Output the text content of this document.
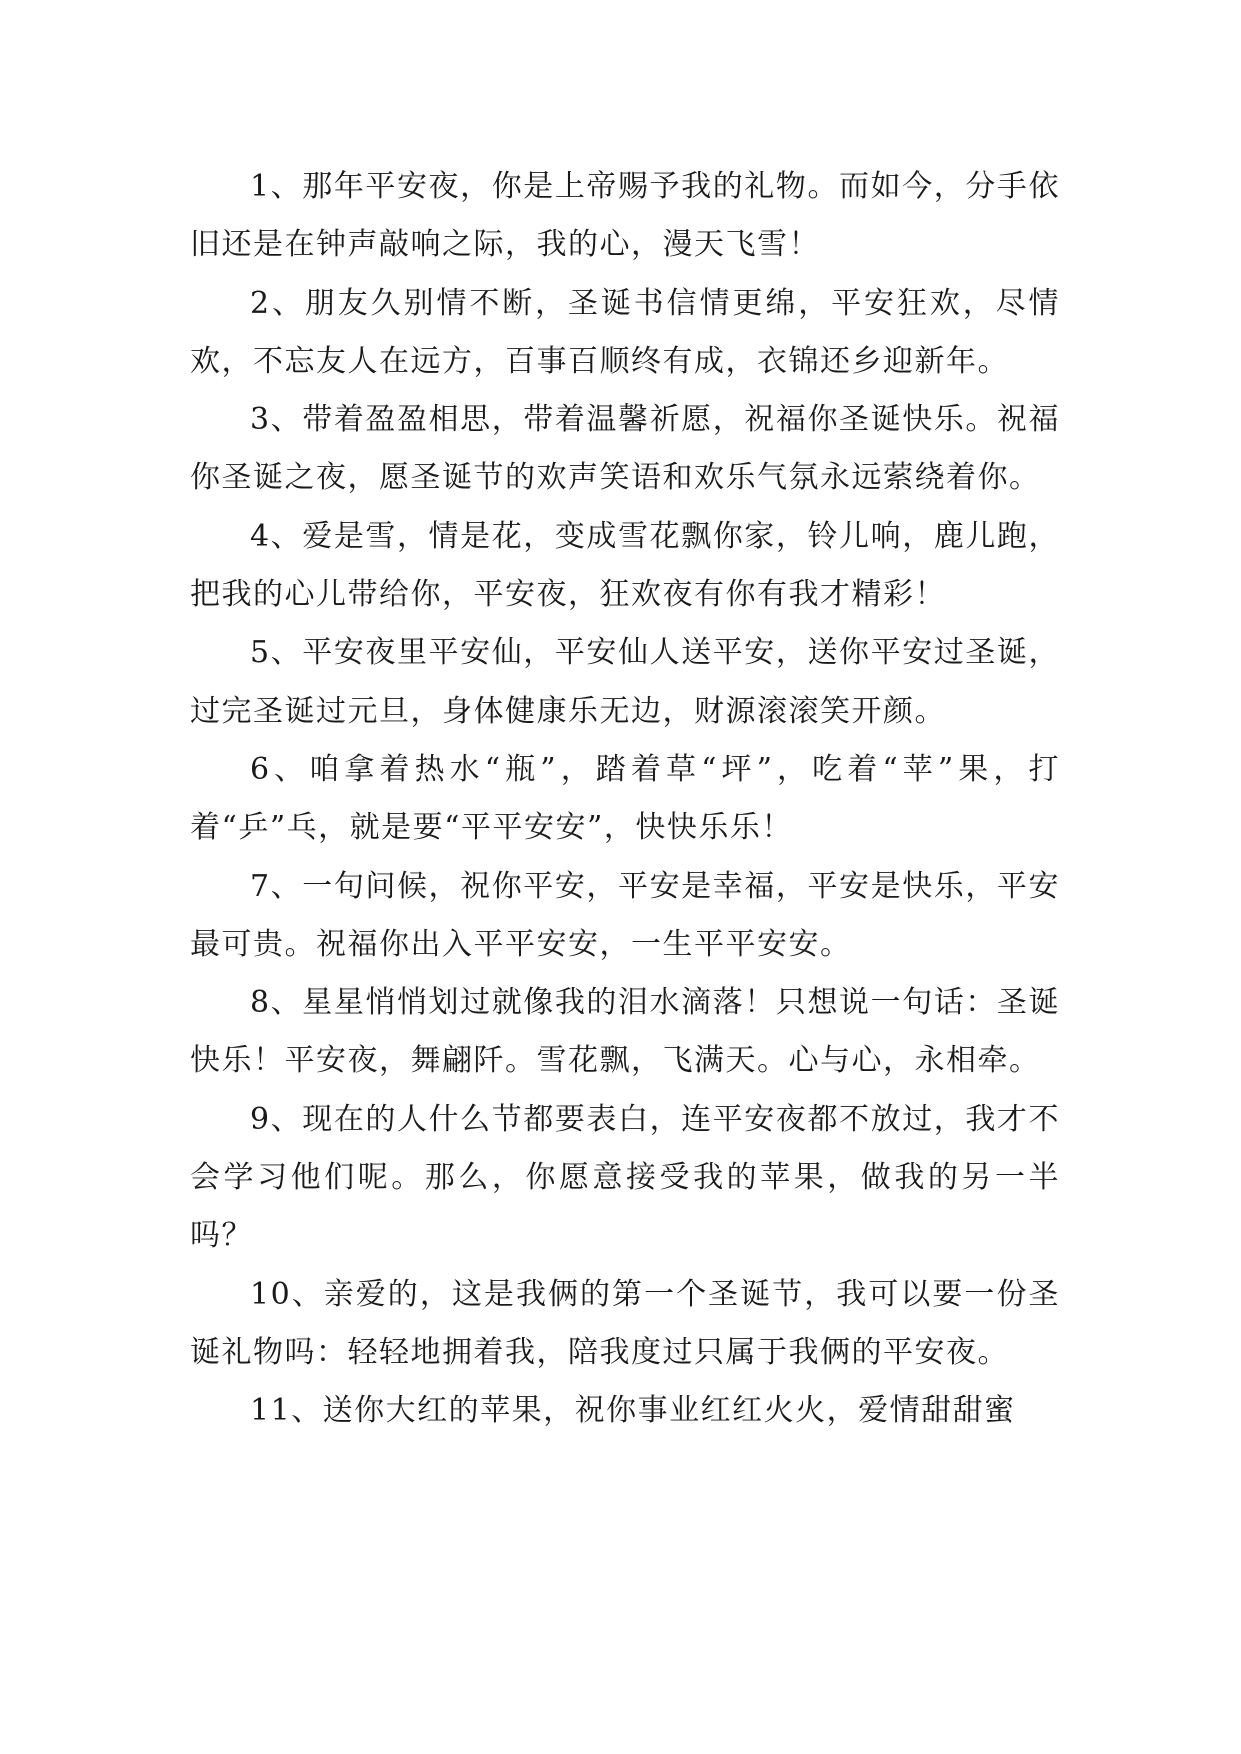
1、那年平安夜，你是上帝赐予我的礼物。而如今，分手依旧还是在钟声敲响之际，我的心，漫天飞雪！

2、朋友久别情不断，圣诞书信情更绵，平安狂欢，尽情欢，不忘友人在远方，百事百顺终有成，衣锦还乡迎新年。

3、带着盈盈相思，带着温馨祈愿，祝福你圣诞快乐。祝福你圣诞之夜，愿圣诞节的欢声笑语和欢乐气氛永远萦绕着你。

4、爱是雪，情是花，变成雪花飘你家，铃儿响，鹿儿跑，把我的心儿带给你，平安夜，狂欢夜有你有我才精彩！

5、平安夜里平安仙，平安仙人送平安，送你平安过圣诞，过完圣诞过元旦，身体健康乐无边，财源滚滚笑开颜。

6、咱拿着热水“瓶”，踏着草“坪”，吃着“苹”果，打着“乒”乓，就是要“平平安安”，快快乐乐！

7、一句问候，祝你平安，平安是幸福，平安是快乐，平安最可贵。祝福你出入平平安安，一生平平安安。

8、星星悄悄划过就像我的泪水滴落！只想说一句话：圣诞快乐！平安夜，舞翩阡。雪花飘，飞满天。心与心，永相牵。

9、现在的人什么节都要表白，连平安夜都不放过，我才不会学习他们呢。那么，你愿意接受我的苹果，做我的另一半吗？

10、亲爱的，这是我俩的第一个圣诞节，我可以要一份圣诞礼物吗：轻轻地拥着我，陪我度过只属于我俩的平安夜。

11、送你大红的苹果，祝你事业红红火火，爱情甜甜蜜
